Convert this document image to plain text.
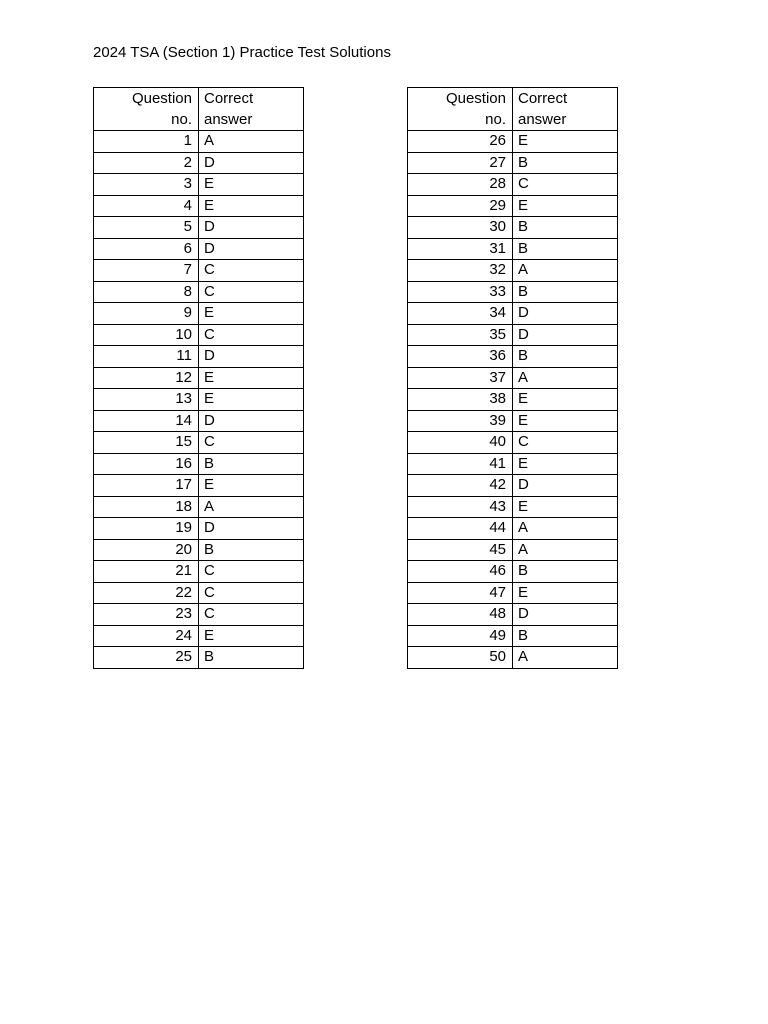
2024 TSA (Section 1) Practice Test Solutions
Question
no.	Correct
answer

1	A
2	D
3	E
4	E
5	D
6	D
7	C
8	C
9	E
10	C
11	D
12	E
13	E
14	D
15	C
16	B
17	E
18	A
19	D
20	B
21	C
22	C
23	C
24	E
25	B
Question
no.	Correct
answer

26	E
27	B
28	C
29	E
30	B
31	B
32	A
33	B
34	D
35	D
36	B
37	A
38	E
39	E
40	C
41	E
42	D
43	E
44	A
45	A
46	B
47	E
48	D
49	B
50	A
